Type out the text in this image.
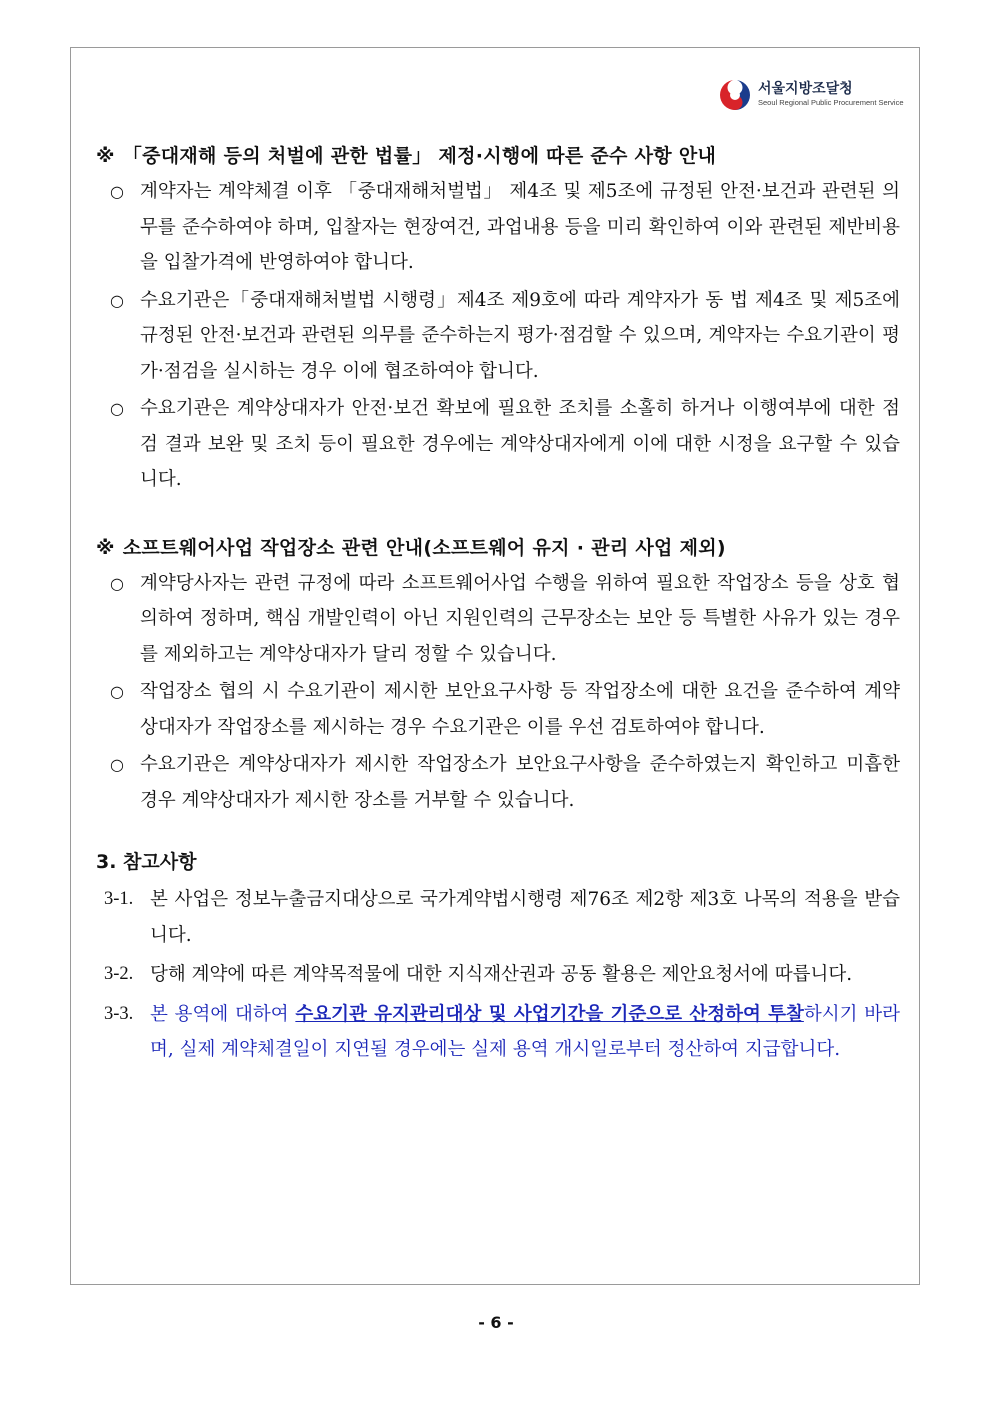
서울지방조달청
Seoul Regional Public Procurement Service
※ 「중대재해 등의 처벌에 관한 법률」 제정·시행에 따른 준수 사항 안내
○ 계약자는 계약체결 이후 「중대재해처벌법」 제4조 및 제5조에 규정된 안전·보건과 관련된 의무를 준수하여야 하며, 입찰자는 현장여건, 과업내용 등을 미리 확인하여 이와 관련된 제반비용을 입찰가격에 반영하여야 합니다.
○ 수요기관은「중대재해처벌법 시행령」제4조 제9호에 따라 계약자가 동 법 제4조 및 제5조에 규정된 안전·보건과 관련된 의무를 준수하는지 평가·점검할 수 있으며, 계약자는 수요기관이 평가·점검을 실시하는 경우 이에 협조하여야 합니다.
○ 수요기관은 계약상대자가 안전·보건 확보에 필요한 조치를 소홀히 하거나 이행여부에 대한 점검 결과 보완 및 조치 등이 필요한 경우에는 계약상대자에게 이에 대한 시정을 요구할 수 있습니다.
※ 소프트웨어사업 작업장소 관련 안내(소프트웨어 유지 · 관리 사업 제외)
○ 계약당사자는 관련 규정에 따라 소프트웨어사업 수행을 위하여 필요한 작업장소 등을 상호 협의하여 정하며, 핵심 개발인력이 아닌 지원인력의 근무장소는 보안 등 특별한 사유가 있는 경우를 제외하고는 계약상대자가 달리 정할 수 있습니다.
○ 작업장소 협의 시 수요기관이 제시한 보안요구사항 등 작업장소에 대한 요건을 준수하여 계약상대자가 작업장소를 제시하는 경우 수요기관은 이를 우선 검토하여야 합니다.
○ 수요기관은 계약상대자가 제시한 작업장소가 보안요구사항을 준수하였는지 확인하고 미흡한 경우 계약상대자가 제시한 장소를 거부할 수 있습니다.
3. 참고사항
3-1. 본 사업은 정보누출금지대상으로 국가계약법시행령 제76조 제2항 제3호 나목의 적용을 받습니다.
3-2. 당해 계약에 따른 계약목적물에 대한 지식재산권과 공동 활용은 제안요청서에 따릅니다.
3-3. 본 용역에 대하여 수요기관 유지관리대상 및 사업기간을 기준으로 산정하여 투찰하시기 바라며, 실제 계약체결일이 지연될 경우에는 실제 용역 개시일로부터 정산하여 지급합니다.
- 6 -
